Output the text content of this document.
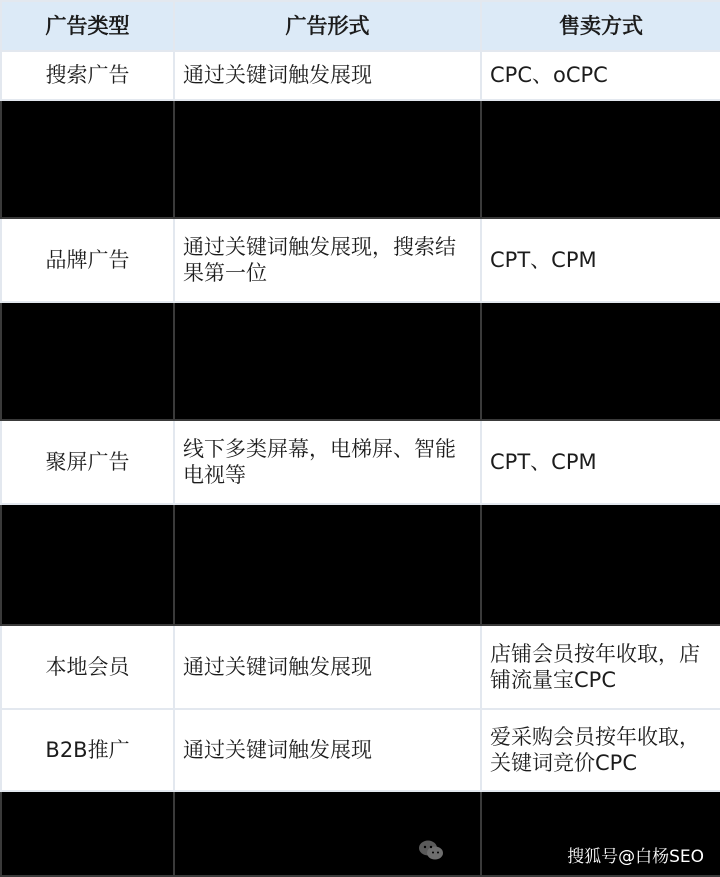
广告类型	广告形式	售卖方式
搜索广告	通过关键词触发展现	CPC、oCPC

品牌广告	通过关键词触发展现，搜索结果第一位	CPT、CPM

聚屏广告	线下多类屏幕，电梯屏、智能电视等	CPT、CPM

本地会员	通过关键词触发展现	店铺会员按年收取，店铺流量宝CPC
B2B推广	通过关键词触发展现	爱采购会员按年收取，关键词竞价CPC

搜狐号@白杨SEO
